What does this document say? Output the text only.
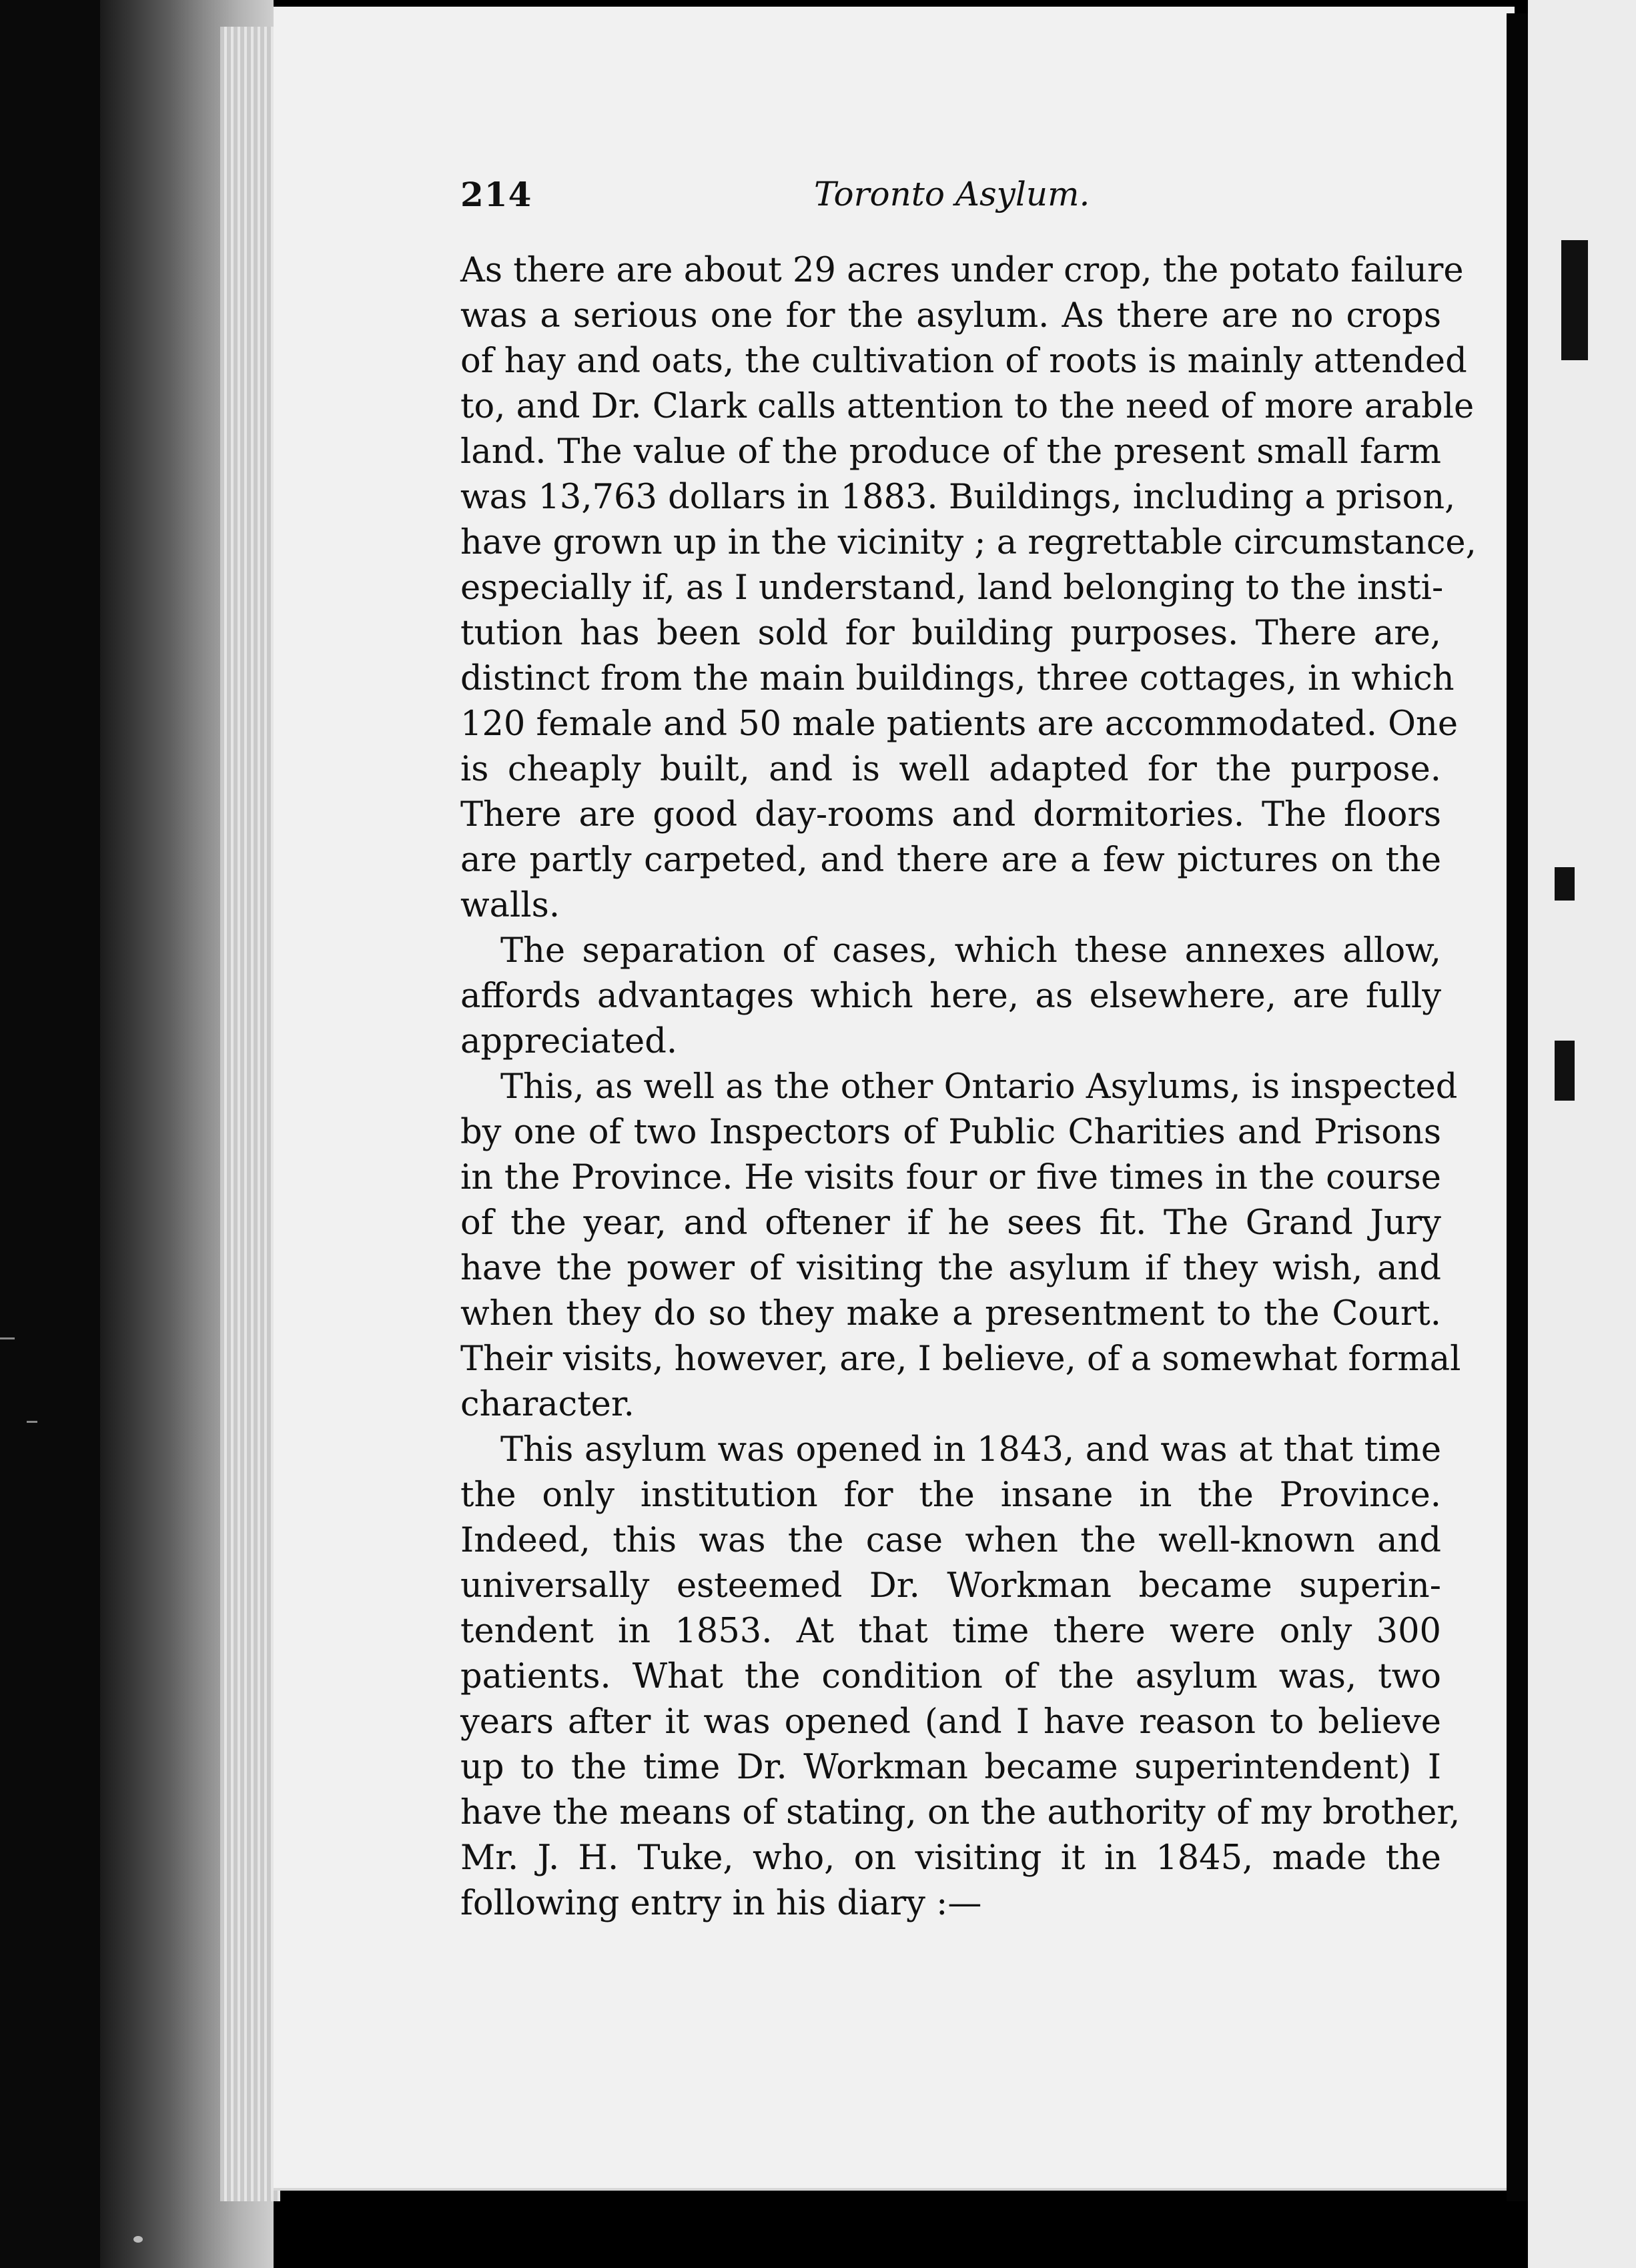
214	Toronto Asylum.
As there are about 29 acres under crop, the potato failure
was a serious one for the asylum. As there are no crops
of hay and oats, the cultivation of roots is mainly attended
to, and Dr. Clark calls attention to the need of more arable
land. The value of the produce of the present small farm
was 13,763 dollars in 1883. Buildings, including a prison,
have grown up in the vicinity ; a regrettable circumstance,
especially if, as I understand, land belonging to the insti-
tution has been sold for building purposes. There are,
distinct from the main buildings, three cottages, in which
120 female and 50 male patients are accommodated. One
is cheaply built, and is well adapted for the purpose.
There are good day-rooms and dormitories. The floors
are partly carpeted, and there are a few pictures on the
walls.
The separation of cases, which these annexes allow,
affords advantages which here, as elsewhere, are fully
appreciated.
This, as well as the other Ontario Asylums, is inspected
by one of two Inspectors of Public Charities and Prisons
in the Province. He visits four or five times in the course
of the year, and oftener if he sees fit. The Grand Jury
have the power of visiting the asylum if they wish, and
when they do so they make a presentment to the Court.
Their visits, however, are, I believe, of a somewhat formal
character.
This asylum was opened in 1843, and was at that time
the only institution for the insane in the Province.
Indeed, this was the case when the well-known and
universally esteemed Dr. Workman became superin-
tendent in 1853. At that time there were only 300
patients. What the condition of the asylum was, two
years after it was opened (and I have reason to believe
up to the time Dr. Workman became superintendent) I
have the means of stating, on the authority of my brother,
Mr. J. H. Tuke, who, on visiting it in 1845, made the
following entry in his diary :—
